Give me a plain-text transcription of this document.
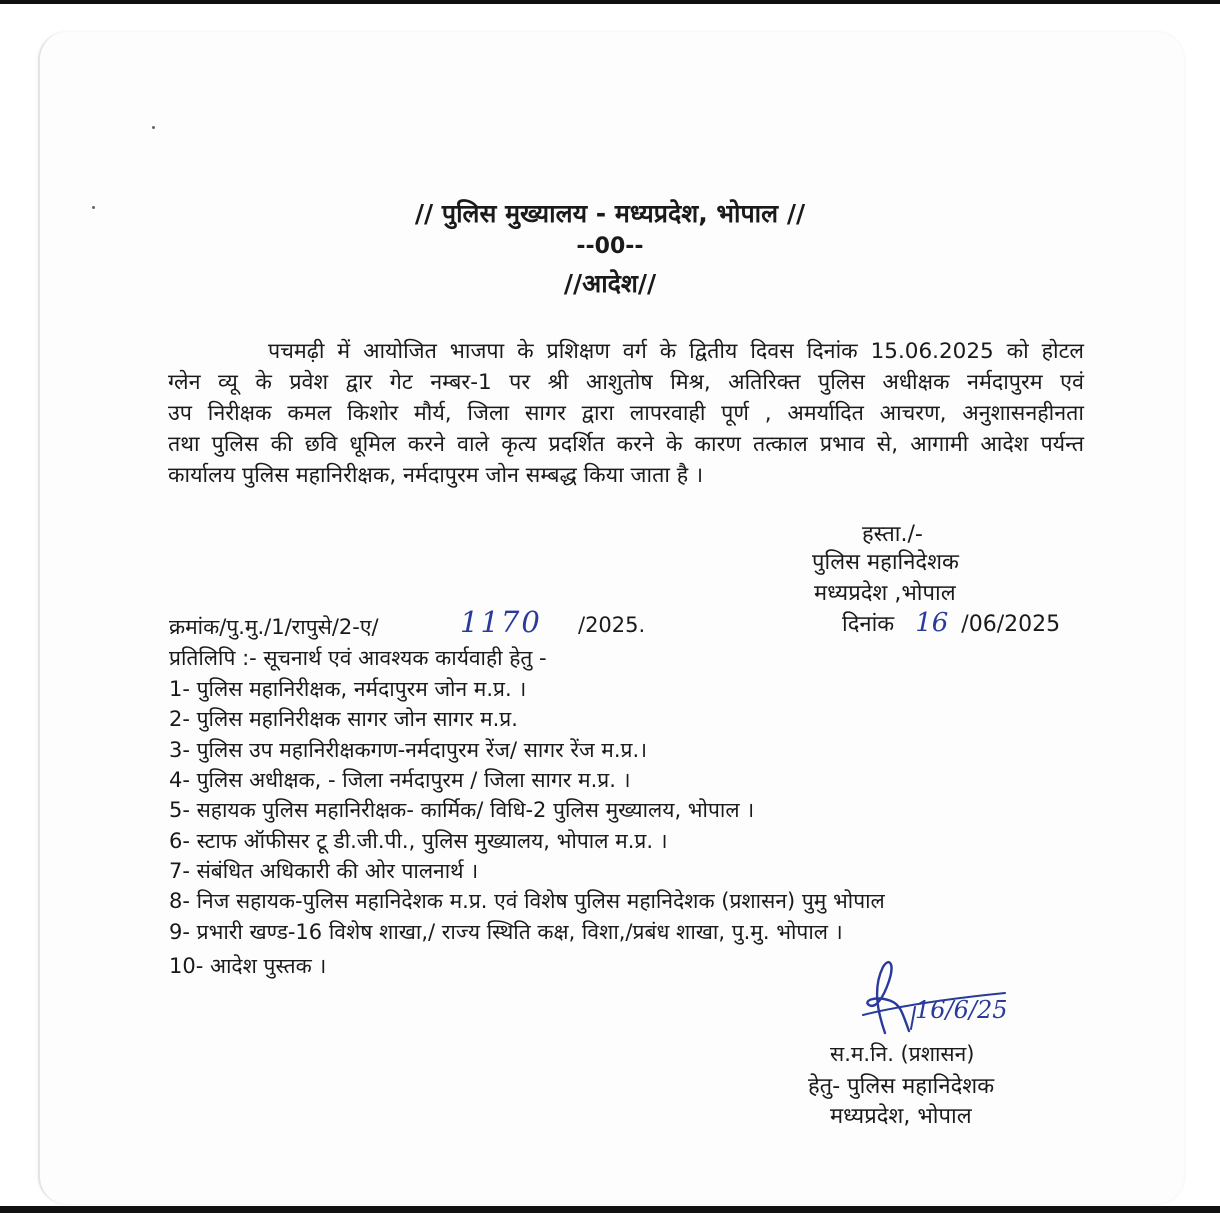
// पुलिस मुख्यालय - मध्यप्रदेश, भोपाल //
--00--
//आदेश//
पचमढ़ी में आयोजित भाजपा के प्रशिक्षण वर्ग के द्वितीय दिवस दिनांक 15.06.2025 को होटल
ग्लेन व्यू के प्रवेश द्वार गेट नम्बर-1 पर श्री आशुतोष मिश्र, अतिरिक्त पुलिस अधीक्षक नर्मदापुरम एवं
उप निरीक्षक कमल किशोर मौर्य, जिला सागर द्वारा लापरवाही पूर्ण , अमर्यादित आचरण, अनुशासनहीनता
तथा पुलिस की छवि धूमिल करने वाले कृत्य प्रदर्शित करने के कारण तत्काल प्रभाव से, आगामी आदेश पर्यन्त
कार्यालय पुलिस महानिरीक्षक, नर्मदापुरम जोन सम्बद्ध किया जाता है ।
हस्ता./-
पुलिस महानिदेशक
मध्यप्रदेश ,भोपाल
दिनांक 16 /06/2025
क्रमांक/पु.मु./1/रापुसे/2-ए/	1170 /2025.
प्रतिलिपि :- सूचनार्थ एवं आवश्यक कार्यवाही हेतु -
1- पुलिस महानिरीक्षक, नर्मदापुरम जोन म.प्र. ।
2- पुलिस महानिरीक्षक सागर जोन सागर म.प्र.
3- पुलिस उप महानिरीक्षकगण-नर्मदापुरम रेंज/ सागर रेंज म.प्र.।
4- पुलिस अधीक्षक, - जिला नर्मदापुरम / जिला सागर म.प्र. ।
5- सहायक पुलिस महानिरीक्षक- कार्मिक/ विधि-2 पुलिस मुख्यालय, भोपाल ।
6- स्टाफ ऑफीसर टू डी.जी.पी., पुलिस मुख्यालय, भोपाल म.प्र. ।
7- संबंधित अधिकारी की ओर पालनार्थ ।
8- निज सहायक-पुलिस महानिदेशक म.प्र. एवं विशेष पुलिस महानिदेशक (प्रशासन) पुमु भोपाल
9- प्रभारी खण्ड-16 विशेष शाखा,/ राज्य स्थिति कक्ष, विशा,/प्रबंध शाखा, पु.मु. भोपाल ।
10- आदेश पुस्तक ।
16/6/25
स.म.नि. (प्रशासन)
हेतु- पुलिस महानिदेशक
मध्यप्रदेश, भोपाल
